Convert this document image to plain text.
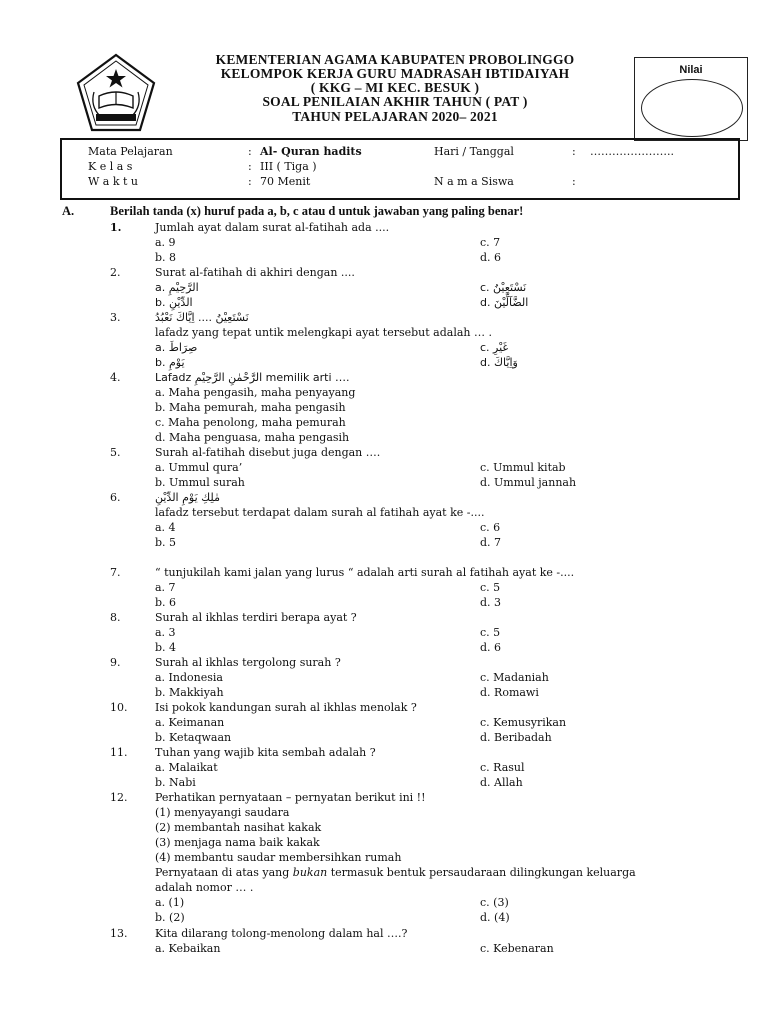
KEMENTERIAN AGAMA KABUPATEN PROBOLINGGO
KELOMPOK KERJA GURU MADRASAH IBTIDAIYAH
( KKG – MI KEC. BESUK )
SOAL PENILAIAN AKHIR TAHUN ( PAT )
TAHUN PELAJARAN 2020– 2021
Nilai
Mata Pelajaran	: Al- Quran hadits	Hari / Tanggal	: …………………..
K e l a s	: III ( Tiga )
W a k t u	: 70 Menit	N a m a Siswa	:
A.	Berilah tanda (x) huruf pada a, b, c atau d untuk jawaban yang paling benar!
1.	Jumlah ayat dalam surat al-fatihah ada ....
a. 9	c. 7
b. 8	d. 6
2.	Surat al-fatihah di akhiri dengan ....
a. الرَّحِيْمِ	c. نَسْتَعِيْنُ
b. الدِّيْنِ	d. الضَّآلِّيْنَ
3.	نَسْتَعِيْنُ .... اِيَّاكَ نَعْبُدُ
lafadz yang tepat untik melengkapi ayat tersebut adalah … .
a. صِرَاطَ	c. غَيْرِ
b. يَوْمِ	d. وَاِيَّاكَ
4.	Lafadz الرَّحْمٰنِ الرَّحِيْمِ memilik arti ….
a. Maha pengasih, maha penyayang
b. Maha pemurah, maha pengasih
c. Maha penolong, maha pemurah
d. Maha penguasa, maha pengasih
5.	Surah al-fatihah disebut juga dengan ….
a. Ummul qura’	c. Ummul kitab
b. Ummul surah	d. Ummul jannah
6.	مٰلِكِ يَوْمِ الدِّيْنِ
lafadz tersebut terdapat dalam surah al fatihah ayat ke -....
a. 4	c. 6
b. 5	d. 7
7.	“ tunjukilah kami jalan yang lurus “ adalah arti surah al fatihah ayat ke -....
a. 7	c. 5
b. 6	d. 3
8.	Surah al ikhlas terdiri berapa ayat ?
a. 3	c. 5
b. 4	d. 6
9.	Surah al ikhlas tergolong surah ?
a. Indonesia	c. Madaniah
b. Makkiyah	d. Romawi
10.	Isi pokok kandungan surah al ikhlas menolak ?
a. Keimanan	c. Kemusyrikan
b. Ketaqwaan	d. Beribadah
11.	Tuhan yang wajib kita sembah adalah ?
a. Malaikat	c. Rasul
b. Nabi	d. Allah
12.	Perhatikan pernyataan – pernyatan berikut ini !!
(1) menyayangi saudara
(2) membantah nasihat kakak
(3) menjaga nama baik kakak
(4) membantu saudar membersihkan rumah
Pernyataan di atas yang bukan termasuk bentuk persaudaraan dilingkungan keluarga
adalah nomor … .
a. (1)	c. (3)
b. (2)	d. (4)
13.	Kita dilarang tolong-menolong dalam hal ….?
a. Kebaikan	c. Kebenaran
